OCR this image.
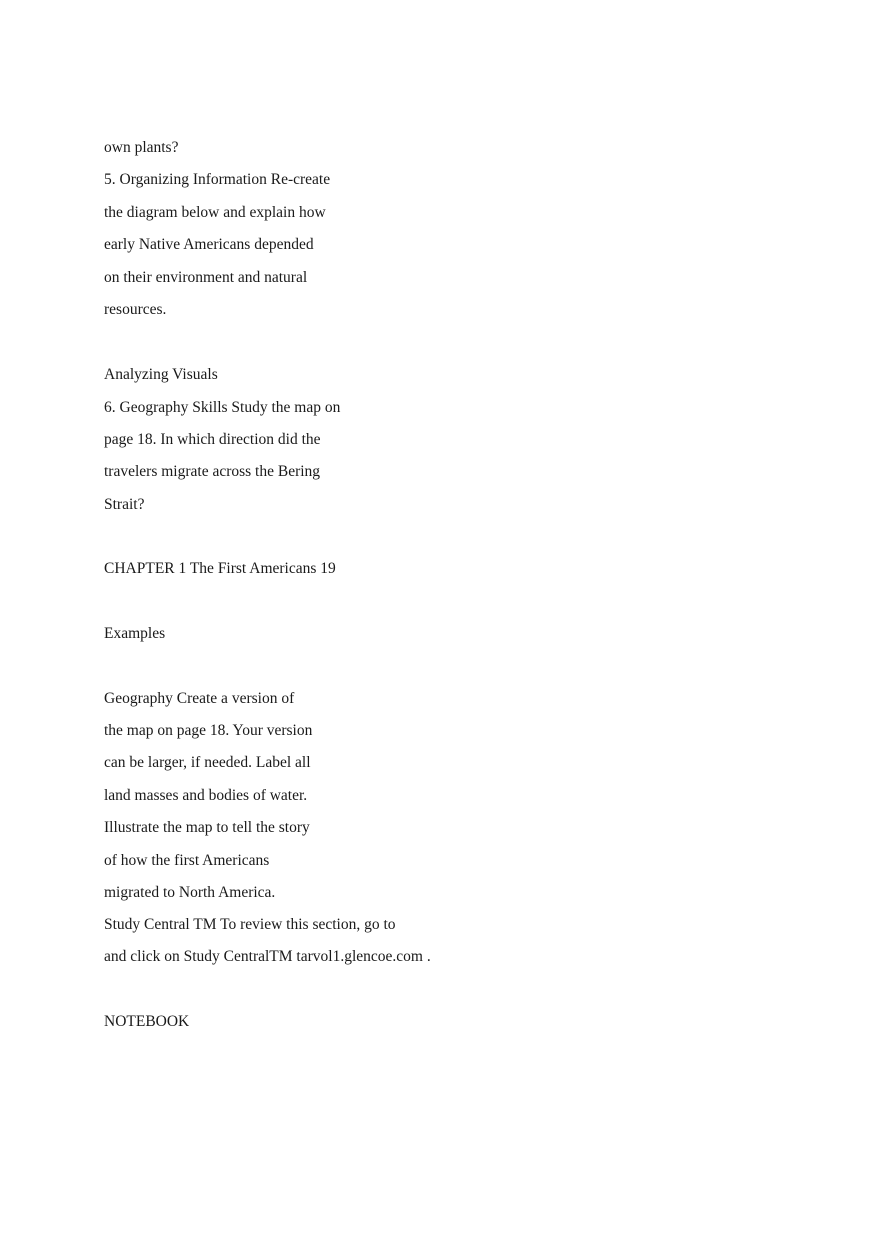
own plants?
5. Organizing Information Re-create
the diagram below and explain how
early Native Americans depended
on their environment and natural
resources.
Analyzing Visuals
6. Geography Skills Study the map on
page 18. In which direction did the
travelers migrate across the Bering
Strait?
CHAPTER 1 The First Americans 19
Examples
Geography Create a version of
the map on page 18. Your version
can be larger, if needed. Label all
land masses and bodies of water.
Illustrate the map to tell the story
of how the first Americans
migrated to North America.
Study Central TM To review this section, go to
and click on Study CentralTM tarvol1.glencoe.com .
NOTEBOOK
